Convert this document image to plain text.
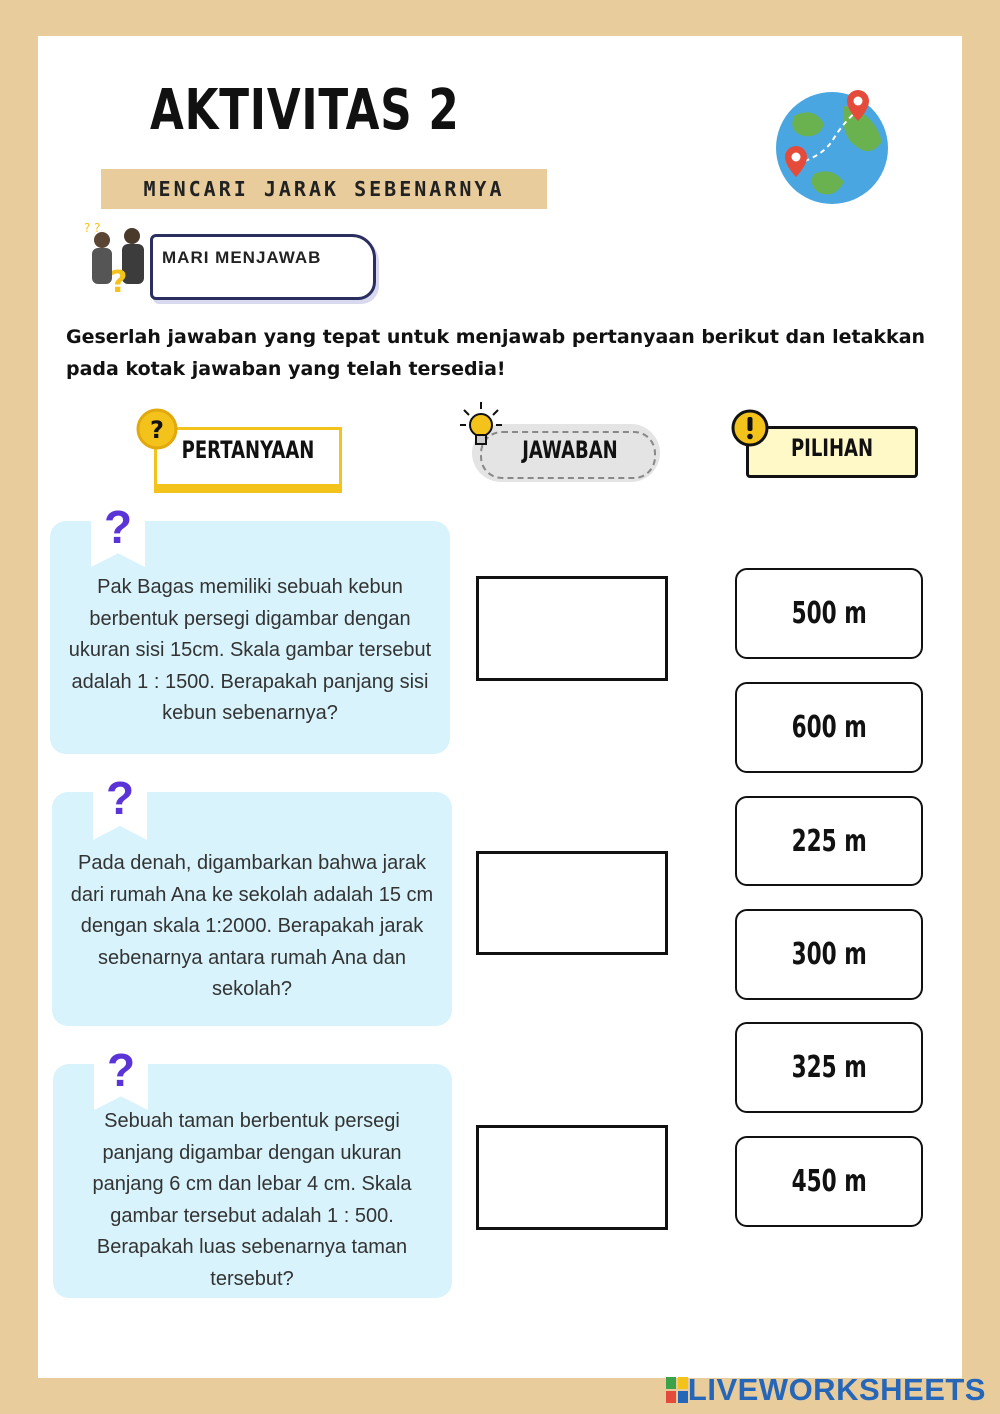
AKTIVITAS 2
MENCARI JARAK SEBENARNYA
? ?
?
MARI MENJAWAB
Geserlah jawaban yang tepat untuk menjawab pertanyaan berikut dan letakkan pada kotak jawaban yang telah tersedia!
PERTANYAAN
?
JAWABAN	PILIHAN
?
Pak Bagas memiliki sebuah kebun berbentuk persegi digambar dengan ukuran sisi 15cm. Skala gambar tersebut adalah 1 : 1500. Berapakah panjang sisi kebun sebenarnya?
?
Pada denah, digambarkan bahwa jarak dari rumah Ana ke sekolah adalah 15 cm dengan skala 1:2000. Berapakah jarak sebenarnya antara rumah Ana dan sekolah?
?
Sebuah taman berbentuk persegi panjang digambar dengan ukuran panjang 6 cm dan lebar 4 cm. Skala gambar tersebut adalah 1 : 500. Berapakah luas sebenarnya taman tersebut?
500 m
600 m
225 m
300 m
325 m
450 m
LIVEWORKSHEETS
